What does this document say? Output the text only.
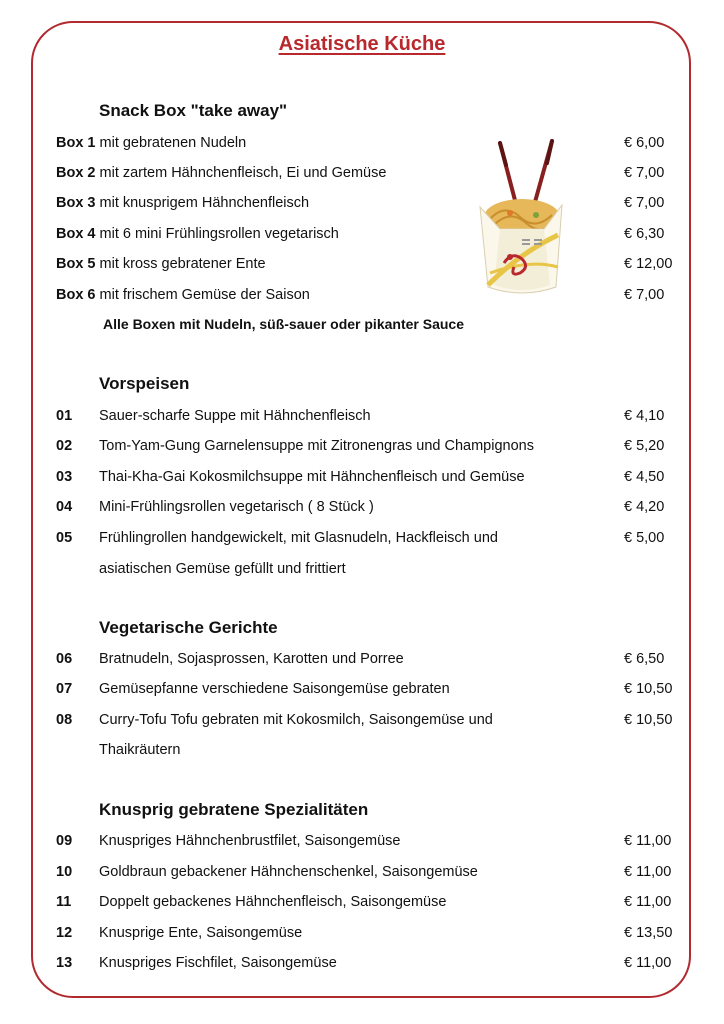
Asiatische Küche
Snack Box "take away"
Box 1 mit gebratenen Nudeln	€ 6,00
Box 2 mit zartem Hähnchenfleisch, Ei und Gemüse	€ 7,00
Box 3 mit knusprigem Hähnchenfleisch	€ 7,00
Box 4 mit 6 mini Frühlingsrollen vegetarisch	€ 6,30
Box 5 mit kross gebratener Ente	€ 12,00
Box 6 mit frischem Gemüse der Saison	€ 7,00
Alle Boxen mit Nudeln, süß-sauer oder pikanter Sauce
Vorspeisen
01 Sauer-scharfe Suppe mit Hähnchenfleisch	€ 4,10
02 Tom-Yam-Gung Garnelensuppe mit Zitronengras und Champignons	€ 5,20
03 Thai-Kha-Gai Kokosmilchsuppe mit Hähnchenfleisch und Gemüse	€ 4,50
04 Mini-Frühlingsrollen vegetarisch ( 8 Stück )	€ 4,20
05 Frühlingrollen handgewickelt, mit Glasnudeln, Hackfleisch und	€ 5,00
asiatischen Gemüse gefüllt und frittiert
Vegetarische Gerichte
06 Bratnudeln, Sojasprossen, Karotten und Porree	€ 6,50
07 Gemüsepfanne verschiedene Saisongemüse gebraten	€ 10,50
08 Curry-Tofu Tofu gebraten mit Kokosmilch, Saisongemüse und	€ 10,50
Thaikräutern
Knusprig gebratene Spezialitäten
09 Knuspriges Hähnchenbrustfilet, Saisongemüse	€ 11,00
10 Goldbraun gebackener Hähnchenschenkel, Saisongemüse	€ 11,00
11 Doppelt gebackenes Hähnchenfleisch, Saisongemüse	€ 11,00
12 Knusprige Ente, Saisongemüse	€ 13,50
13 Knuspriges Fischfilet, Saisongemüse	€ 11,00
